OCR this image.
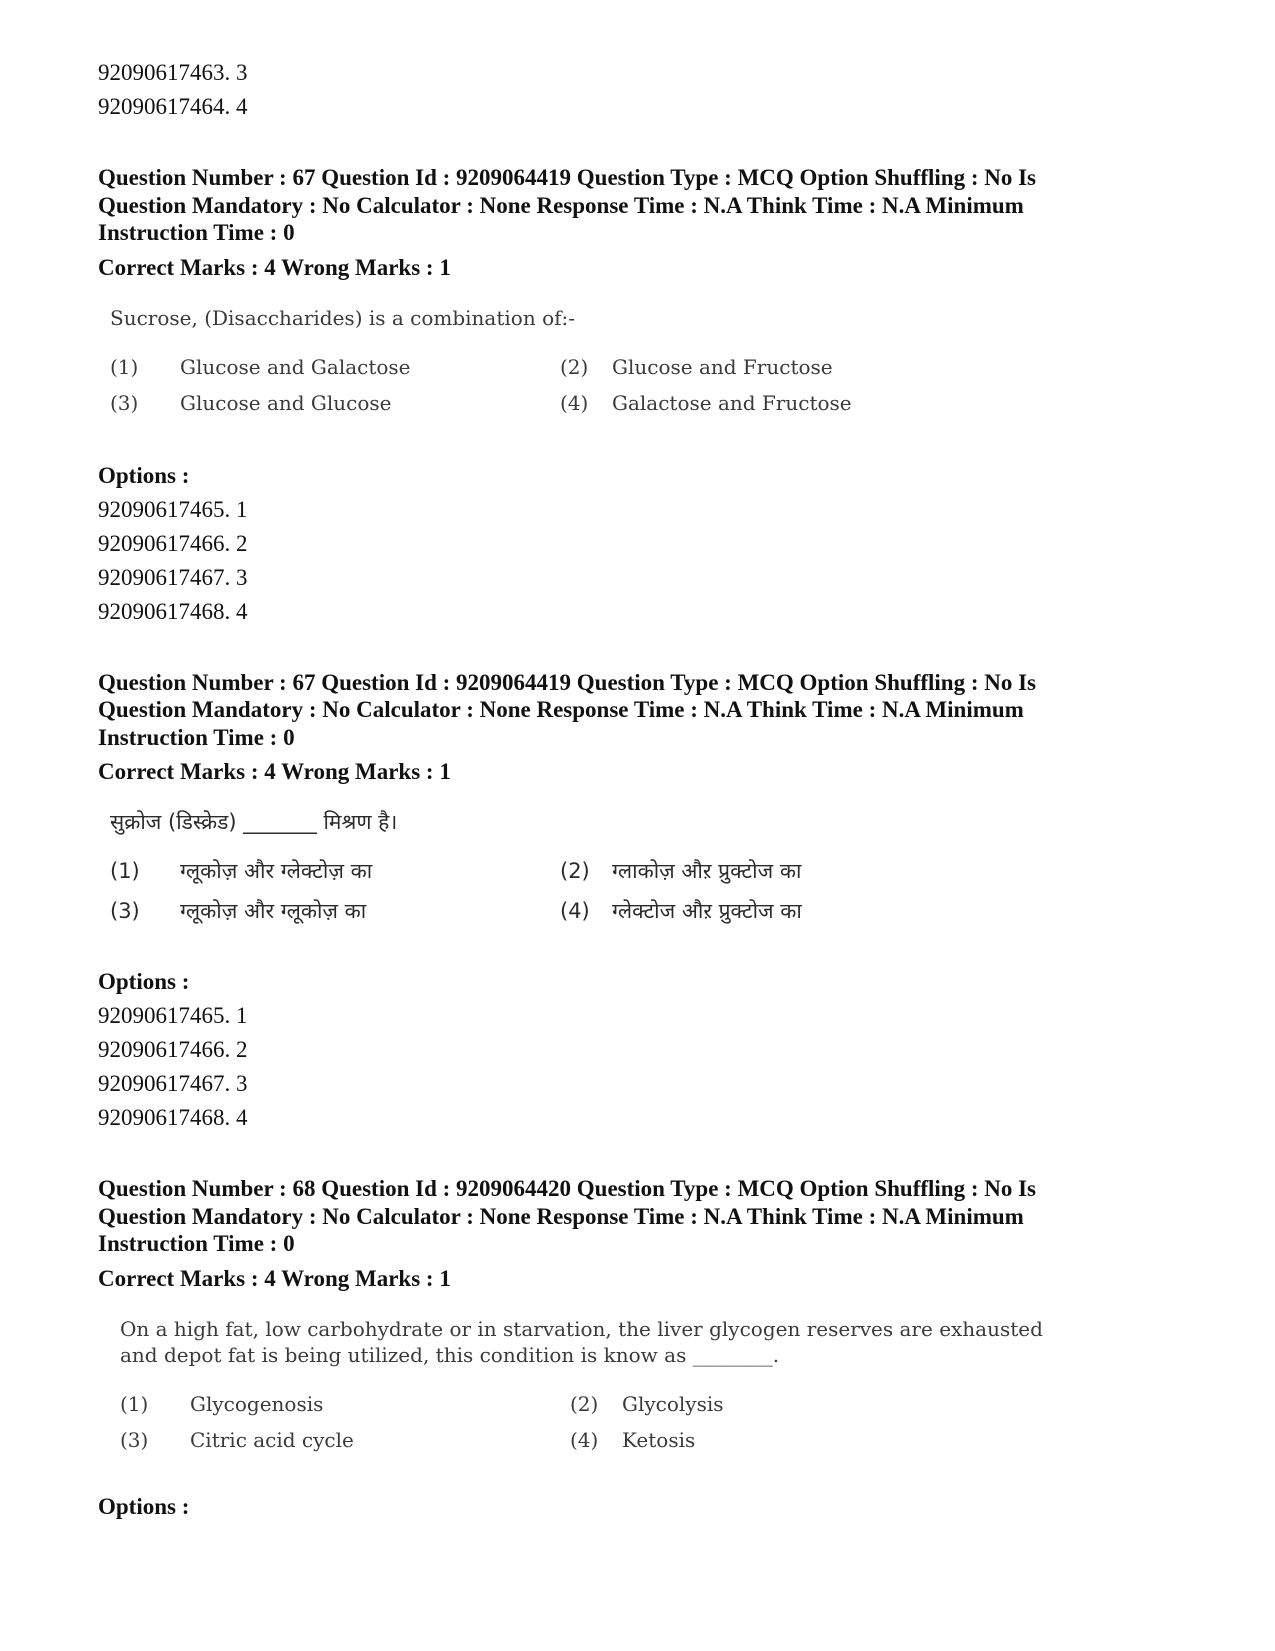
92090617463. 3

92090617464. 4

Question Number : 67 Question Id : 9209064419 Question Type : MCQ Option Shuffling : No Is

Question Mandatory : No Calculator : None Response Time : N.A Think Time : N.A Minimum

Instruction Time : 0

Correct Marks : 4 Wrong Marks : 1

Sucrose, (Disaccharides) is a combination of:-

(1)	Glucose and Galactose	(2)	Glucose and Fructose
(3)	Glucose and Glucose	(4)	Galactose and Fructose

Options :

92090617465. 1

92090617466. 2

92090617467. 3

92090617468. 4

Question Number : 67 Question Id : 9209064419 Question Type : MCQ Option Shuffling : No Is

Question Mandatory : No Calculator : None Response Time : N.A Think Time : N.A Minimum

Instruction Time : 0

Correct Marks : 4 Wrong Marks : 1

सुक्रोज (डिस्क्रेड) _______ मिश्रण है।

(1)	ग्लूकोज़ और ग्लेक्टोज़ का	(2)	ग्लाकोज़ औऱ प्रुक्टोज का
(3)	ग्लूकोज़ और ग्लूकोज़ का	(4)	ग्लेक्टोज औऱ प्रुक्टोज का

Options :

92090617465. 1

92090617466. 2

92090617467. 3

92090617468. 4

Question Number : 68 Question Id : 9209064420 Question Type : MCQ Option Shuffling : No Is

Question Mandatory : No Calculator : None Response Time : N.A Think Time : N.A Minimum

Instruction Time : 0

Correct Marks : 4 Wrong Marks : 1

On a high fat, low carbohydrate or in starvation, the liver glycogen reserves are exhausted

and depot fat is being utilized, this condition is know as ________.

(1)	Glycogenosis	(2)	Glycolysis
(3)	Citric acid cycle	(4)	Ketosis

Options :
